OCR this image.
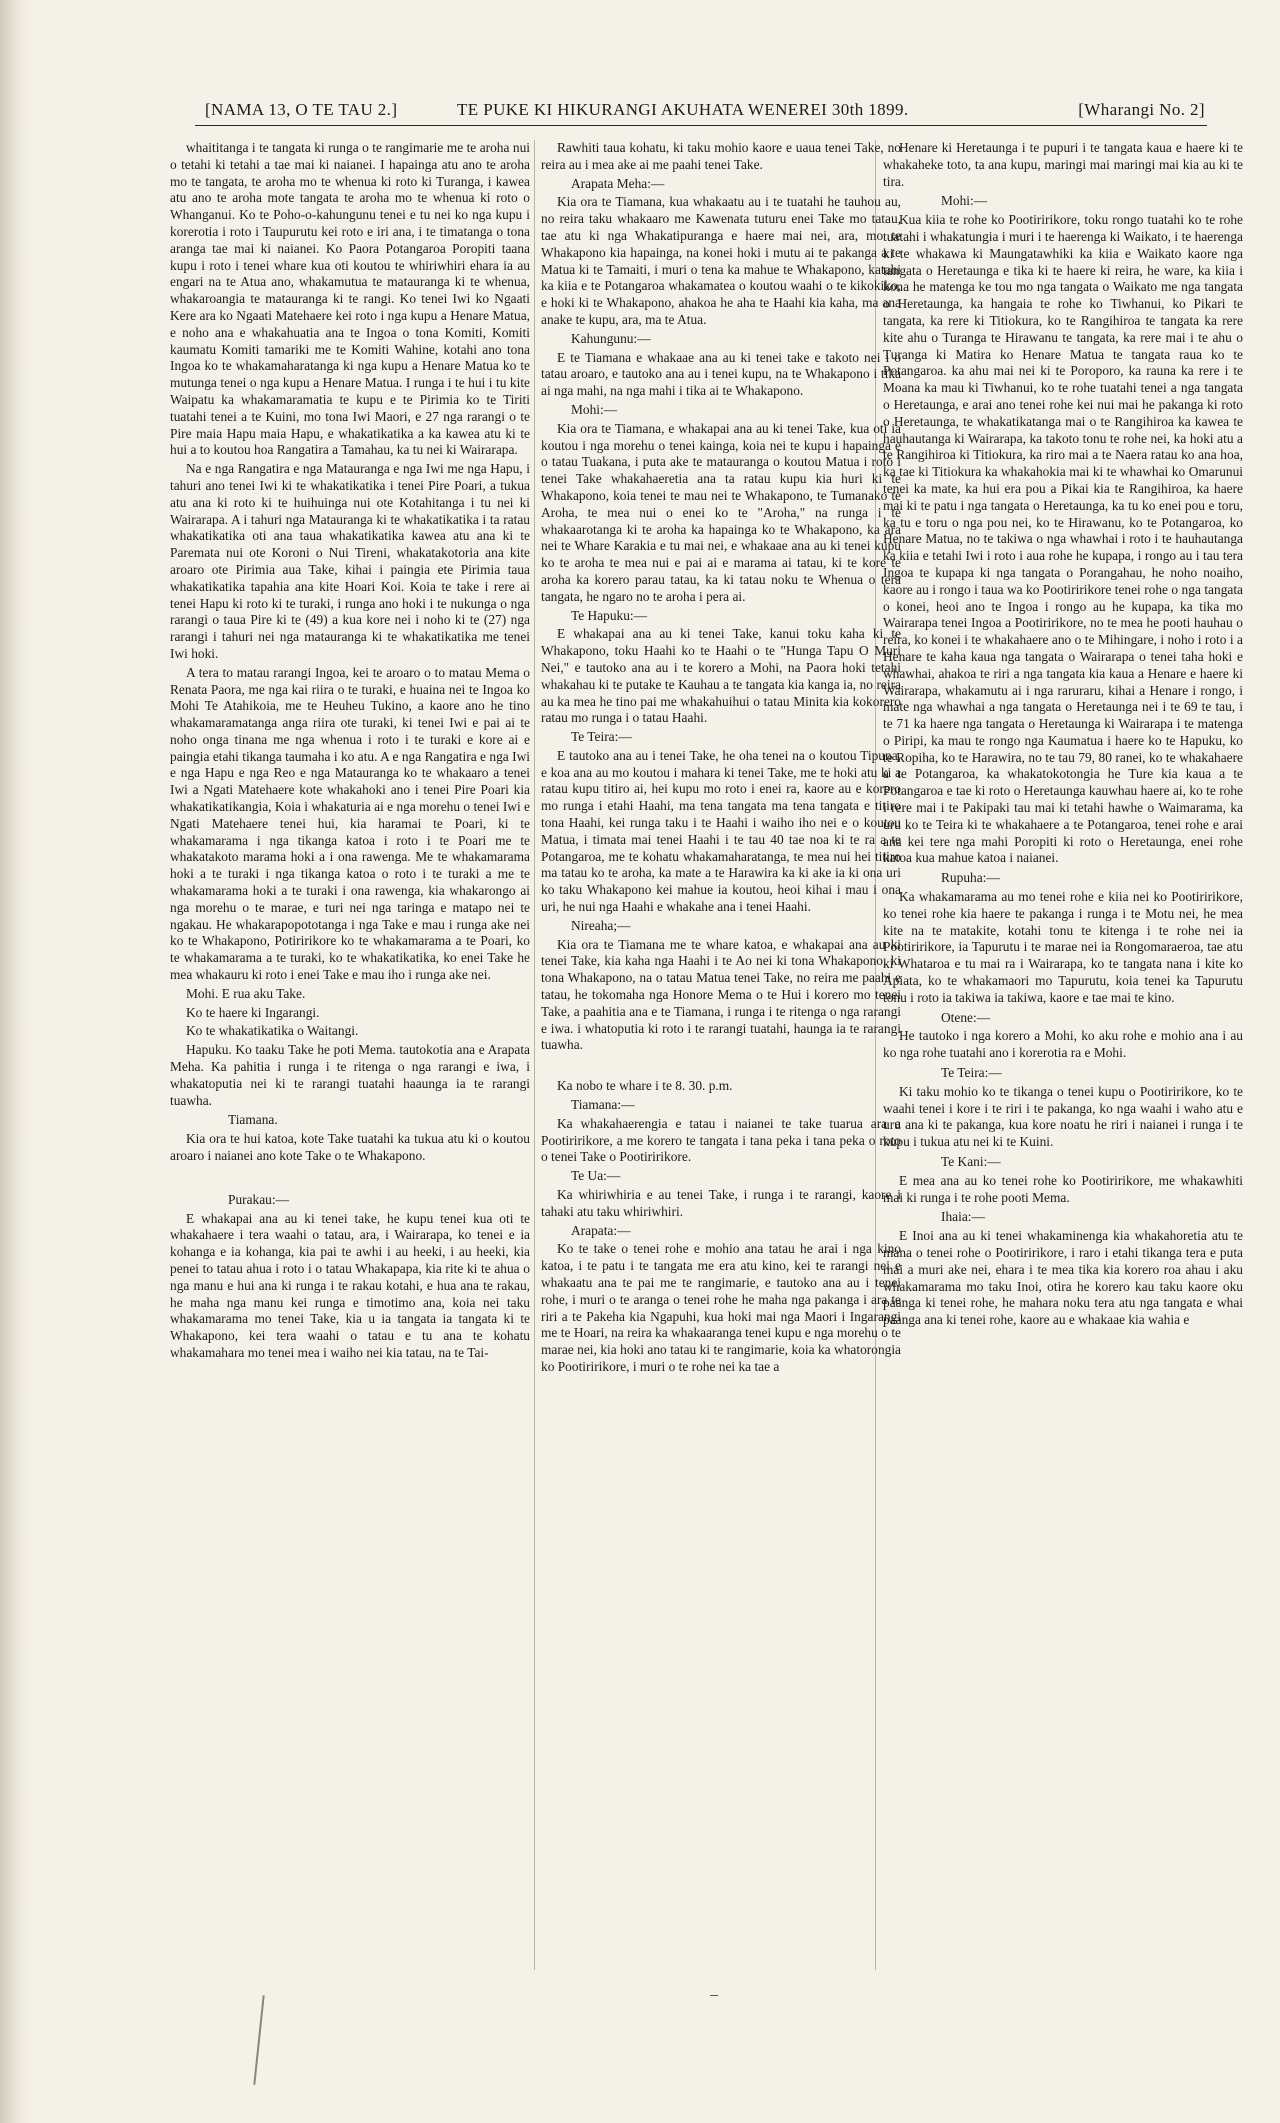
[NAMA 13, O TE TAU 2.]	TE PUKE KI HIKURANGI AKUHATA WENEREI 30th 1899.	[Wharangi No. 2]

whaititanga i te tangata ki runga o te rangimarie me te aroha nui o tetahi ki tetahi a tae mai ki naianei. I hapainga atu ano te aroha mo te tangata, te aroha mo te whenua ki roto ki Turanga, i kawea atu ano te aroha mote tangata te aroha mo te whenua ki roto o Whanganui. Ko te Poho-o-kahungunu tenei e tu nei ko nga kupu i korerotia i roto i Taupurutu kei roto e iri ana, i te timatanga o tona aranga tae mai ki naianei. Ko Paora Potangaroa Poropiti taana kupu i roto i tenei whare kua oti koutou te whiriwhiri ehara ia au engari na te Atua ano, whakamutua te matauranga ki te whenua, whakaroangia te matauranga ki te rangi. Ko tenei Iwi ko Ngaati Kere ara ko Ngaati Matehaere kei roto i nga kupu a Henare Matua, e noho ana e whakahuatia ana te Ingoa o tona Komiti, Komiti kaumatu Komiti tamariki me te Komiti Wahine, kotahi ano tona Ingoa ko te whakamaharatanga ki nga kupu a Henare Matua ko te mutunga tenei o nga kupu a Henare Matua. I runga i te hui i tu kite Waipatu ka whakamaramatia te kupu e te Pirimia ko te Tiriti tuatahi tenei a te Kuini, mo tona Iwi Maori, e 27 nga rarangi o te Pire maia Hapu maia Hapu, e whakatikatika a ka kawea atu ki te hui a to koutou hoa Rangatira a Tamahau, ka tu nei ki Wairarapa.

Na e nga Rangatira e nga Matauranga e nga Iwi me nga Hapu, i tahuri ano tenei Iwi ki te whakatikatika i tenei Pire Poari, a tukua atu ana ki roto ki te huihuinga nui ote Kotahitanga i tu nei ki Wairarapa. A i tahuri nga Matauranga ki te whakatikatika i ta ratau whakatikatika oti ana taua whakatikatika kawea atu ana ki te Paremata nui ote Koroni o Nui Tireni, whakatakotoria ana kite aroaro ote Pirimia aua Take, kihai i paingia ete Pirimia taua whakatikatika tapahia ana kite Hoari Koi. Koia te take i rere ai tenei Hapu ki roto ki te turaki, i runga ano hoki i te nukunga o nga rarangi o taua Pire ki te (49) a kua kore nei i noho ki te (27) nga rarangi i tahuri nei nga matauranga ki te whakatikatika me tenei Iwi hoki.

A tera to matau rarangi Ingoa, kei te aroaro o to matau Mema o Renata Paora, me nga kai riira o te turaki, e huaina nei te Ingoa ko Mohi Te Atahikoia, me te Heuheu Tukino, a kaore ano he tino whakamaramatanga anga riira ote turaki, ki tenei Iwi e pai ai te noho onga tinana me nga whenua i roto i te turaki e kore ai e paingia etahi tikanga taumaha i ko atu. A e nga Rangatira e nga Iwi e nga Hapu e nga Reo e nga Matauranga ko te whakaaro a tenei Iwi a Ngati Matehaere kote whakahoki ano i tenei Pire Poari kia whakatikatikangia, Koia i whakaturia ai e nga morehu o tenei Iwi e Ngati Matehaere tenei hui, kia haramai te Poari, ki te whakamarama i nga tikanga katoa i roto i te Poari me te whakatakoto marama hoki a i ona rawenga. Me te whakamarama hoki a te turaki i nga tikanga katoa o roto i te turaki a me te whakamarama hoki a te turaki i ona rawenga, kia whakarongo ai nga morehu o te marae, e turi nei nga taringa e matapo nei te ngakau. He whakarapopototanga i nga Take e mau i runga ake nei ko te Whakapono, Potiririkore ko te whakamarama a te Poari, ko te whakamarama a te turaki, ko te whakatikatika, ko enei Take he mea whakauru ki roto i enei Take e mau iho i runga ake nei.

Mohi. E rua aku Take.

Ko te haere ki Ingarangi.

Ko te whakatikatika o Waitangi.

Hapuku. Ko taaku Take he poti Mema. tautokotia ana e Arapata Meha. Ka pahitia i runga i te ritenga o nga rarangi e iwa, i whakatoputia nei ki te rarangi tuatahi haaunga ia te rarangi tuawha.

Tiamana.

Kia ora te hui katoa, kote Take tuatahi ka tukua atu ki o koutou aroaro i naianei ano kote Take o te Whakapono.

Purakau:—

E whakapai ana au ki tenei take, he kupu tenei kua oti te whakahaere i tera waahi o tatau, ara, i Wairarapa, ko tenei e ia kohanga e ia kohanga, kia pai te awhi i au heeki, i au heeki, kia penei to tatau ahua i roto i o tatau Whakapapa, kia rite ki te ahua o nga manu e hui ana ki runga i te rakau kotahi, e hua ana te rakau, he maha nga manu kei runga e timotimo ana, koia nei taku whakamarama mo tenei Take, kia u ia tangata ia tangata ki te Whakapono, kei tera waahi o tatau e tu ana te kohatu whakamahara mo tenei mea i waiho nei kia tatau, na te Tai-

Rawhiti taua kohatu, ki taku mohio kaore e uaua tenei Take, no reira au i mea ake ai me paahi tenei Take.

Arapata Meha:—

Kia ora te Tiamana, kua whakaatu au i te tuatahi he tauhou au, no reira taku whakaaro me Kawenata tuturu enei Take mo tatau, tae atu ki nga Whakatipuranga e haere mai nei, ara, mo te Whakapono kia hapainga, na konei hoki i mutu ai te pakanga a te Matua ki te Tamaiti, i muri o tena ka mahue te Whakapono, katahi ka kiia e te Potangaroa whakamatea o koutou waahi o te kikokiko, e hoki ki te Whakapono, ahakoa he aha te Haahi kia kaha, ma ana anake te kupu, ara, ma te Atua.

Kahungunu:—

E te Tiamana e whakaae ana au ki tenei take e takoto nei i o tatau aroaro, e tautoko ana au i tenei kupu, na te Whakapono i tika ai nga mahi, na nga mahi i tika ai te Whakapono.

Mohi:—

Kia ora te Tiamana, e whakapai ana au ki tenei Take, kua oti ia koutou i nga morehu o tenei kainga, koia nei te kupu i hapainga e o tatau Tuakana, i puta ake te matauranga o koutou Matua i roto i tenei Take whakahaeretia ana ta ratau kupu kia huri ki te Whakapono, koia tenei te mau nei te Whakapono, te Tumanako te Aroha, te mea nui o enei ko te "Aroha," na runga i te whakaarotanga ki te aroha ka hapainga ko te Whakapono, ka ara nei te Whare Karakia e tu mai nei, e whakaae ana au ki tenei kupu ko te aroha te mea nui e pai ai e marama ai tatau, ki te kore te aroha ka korero parau tatau, ka ki tatau noku te Whenua o tera tangata, he ngaro no te aroha i pera ai.

Te Hapuku:—

E whakapai ana au ki tenei Take, kanui toku kaha ki te Whakapono, toku Haahi ko te Haahi o te "Hunga Tapu O Muri Nei," e tautoko ana au i te korero a Mohi, na Paora hoki tetahi whakahau ki te putake te Kauhau a te tangata kia kanga ia, no reira au ka mea he tino pai me whakahuihui o tatau Minita kia kokorero ratau mo runga i o tatau Haahi.

Te Teira:—

E tautoko ana au i tenei Take, he oha tenei na o koutou Tipuna, e koa ana au mo koutou i mahara ki tenei Take, me te hoki atu ki a ratau kupu titiro ai, hei kupu mo roto i enei ra, kaore au e korero mo runga i etahi Haahi, ma tena tangata ma tena tangata e titiro tona Haahi, kei runga taku i te Haahi i waiho iho nei e o koutou Matua, i timata mai tenei Haahi i te tau 40 tae noa ki te ra a te Potangaroa, me te kohatu whakamaharatanga, te mea nui hei titiro ma tatau ko te aroha, ka mate a te Harawira ka ki ake ia ki ona uri ko taku Whakapono kei mahue ia koutou, heoi kihai i mau i ona uri, he nui nga Haahi e whakahe ana i tenei Haahi.

Nireaha;—

Kia ora te Tiamana me te whare katoa, e whakapai ana au ki tenei Take, kia kaha nga Haahi i te Ao nei ki tona Whakapono, ki tona Whakapono, na o tatau Matua tenei Take, no reira me paahi e tatau, he tokomaha nga Honore Mema o te Hui i korero mo tenei Take, a paahitia ana e te Tiamana, i runga i te ritenga o nga rarangi e iwa. i whatoputia ki roto i te rarangi tuatahi, haunga ia te rarangi tuawha.

Ka nobo te whare i te 8. 30. p.m.

Tiamana:—

Ka whakahaerengia e tatau i naianei te take tuarua ara a Pootiririkore, a me korero te tangata i tana peka i tana peka o roto o tenei Take o Pootiririkore.

Te Ua:—

Ka whiriwhiria e au tenei Take, i runga i te rarangi, kaore i tahaki atu taku whiriwhiri.

Arapata:—

Ko te take o tenei rohe e mohio ana tatau he arai i nga kino katoa, i te patu i te tangata me era atu kino, kei te rarangi nei e whakaatu ana te pai me te rangimarie, e tautoko ana au i tenei rohe, i muri o te aranga o tenei rohe he maha nga pakanga i ara te riri a te Pakeha kia Ngapuhi, kua hoki mai nga Maori i Ingarangi me te Hoari, na reira ka whakaaranga tenei kupu e nga morehu o te marae nei, kia hoki ano tatau ki te rangimarie, koia ka whatorongia ko Pootiririkore, i muri o te rohe nei ka tae a

Henare ki Heretaunga i te pupuri i te tangata kaua e haere ki te whakaheke toto, ta ana kupu, maringi mai maringi mai kia au ki te tira.

Mohi:—

Kua kiia te rohe ko Pootiririkore, toku rongo tuatahi ko te rohe tuatahi i whakatungia i muri i te haerenga ki Waikato, i te haerenga ki te whakawa ki Maungatawhiki ka kiia e Waikato kaore nga tangata o Heretaunga e tika ki te haere ki reira, he ware, ka kiia i kona he matenga ke tou mo nga tangata o Waikato me nga tangata o Heretaunga, ka hangaia te rohe ko Tiwhanui, ko Pikari te tangata, ka rere ki Titiokura, ko te Rangihiroa te tangata ka rere kite ahu o Turanga te Hirawanu te tangata, ka rere mai i te ahu o Turanga ki Matira ko Henare Matua te tangata raua ko te Potangaroa. ka ahu mai nei ki te Poroporo, ka rauna ka rere i te Moana ka mau ki Tiwhanui, ko te rohe tuatahi tenei a nga tangata o Heretaunga, e arai ano tenei rohe kei nui mai he pakanga ki roto o Heretaunga, te whakatikatanga mai o te Rangihiroa ka kawea te hauhautanga ki Wairarapa, ka takoto tonu te rohe nei, ka hoki atu a te Rangihiroa ki Titiokura, ka riro mai a te Naera ratau ko ana hoa, ka tae ki Titiokura ka whakahokia mai ki te whawhai ko Omarunui tenei ka mate, ka hui era pou a Pikai kia te Rangihiroa, ka haere mai ki te patu i nga tangata o Heretaunga, ka tu ko enei pou e toru, ka tu e toru o nga pou nei, ko te Hirawanu, ko te Potangaroa, ko Henare Matua, no te takiwa o nga whawhai i roto i te hauhautanga ka kiia e tetahi Iwi i roto i aua rohe he kupapa, i rongo au i tau tera Ingoa te kupapa ki nga tangata o Porangahau, he noho noaiho, kaore au i rongo i taua wa ko Pootiririkore tenei rohe o nga tangata o konei, heoi ano te Ingoa i rongo au he kupapa, ka tika mo Wairarapa tenei Ingoa a Pootiririkore, no te mea he pooti hauhau o reira, ko konei i te whakahaere ano o te Mihingare, i noho i roto i a Henare te kaha kaua nga tangata o Wairarapa o tenei taha hoki e whawhai, ahakoa te riri a nga tangata kia kaua a Henare e haere ki Wairarapa, whakamutu ai i nga raruraru, kihai a Henare i rongo, i mate nga whawhai a nga tangata o Heretaunga nei i te 69 te tau, i te 71 ka haere nga tangata o Heretaunga ki Wairarapa i te matenga o Piripi, ka mau te rongo nga Kaumatua i haere ko te Hapuku, ko te Ropiha, ko te Harawira, no te tau 79, 80 ranei, ko te whakahaere a te Potangaroa, ka whakatokotongia he Ture kia kaua a te Potangaroa e tae ki roto o Heretaunga kauwhau haere ai, ko te rohe i rere mai i te Pakipaki tau mai ki tetahi hawhe o Waimarama, ka uru ko te Teira ki te whakahaere a te Potangaroa, tenei rohe e arai ana kei tere nga mahi Poropiti ki roto o Heretaunga, enei rohe katoa kua mahue katoa i naianei.

Rupuha:—

Ka whakamarama au mo tenei rohe e kiia nei ko Pootiririkore, ko tenei rohe kia haere te pakanga i runga i te Motu nei, he mea kite na te matakite, kotahi tonu te kitenga i te rohe nei ia Pootiririkore, ia Tapurutu i te marae nei ia Rongomaraeroa, tae atu ki Whataroa e tu mai ra i Wairarapa, ko te tangata nana i kite ko Apiata, ko te whakamaori mo Tapurutu, koia tenei ka Tapurutu tonu i roto ia takiwa ia takiwa, kaore e tae mai te kino.

Otene:—

He tautoko i nga korero a Mohi, ko aku rohe e mohio ana i au ko nga rohe tuatahi ano i korerotia ra e Mohi.

Te Teira:—

Ki taku mohio ko te tikanga o tenei kupu o Pootiririkore, ko te waahi tenei i kore i te riri i te pakanga, ko nga waahi i waho atu e uru ana ki te pakanga, kua kore noatu he riri i naianei i runga i te kupu i tukua atu nei ki te Kuini.

Te Kani:—

E mea ana au ko tenei rohe ko Pootiririkore, me whakawhiti mai ki runga i te rohe pooti Mema.

Ihaia:—

E Inoi ana au ki tenei whakaminenga kia whakahoretia atu te mana o tenei rohe o Pootiririkore, i raro i etahi tikanga tera e puta mai a muri ake nei, ehara i te mea tika kia korero roa ahau i aku whakamarama mo taku Inoi, otira he korero kau taku kaore oku paanga ki tenei rohe, he mahara noku tera atu nga tangata e whai paanga ana ki tenei rohe, kaore au e whakaae kia wahia e
